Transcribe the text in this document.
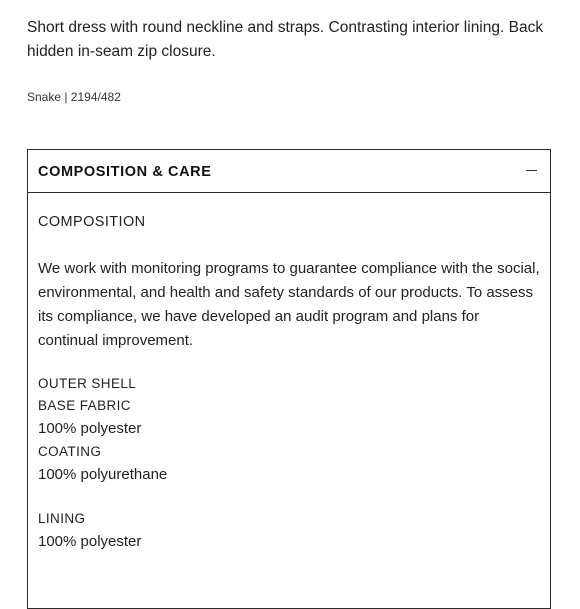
Short dress with round neckline and straps. Contrasting interior lining. Back hidden in-seam zip closure.

Snake | 2194/482

COMPOSITION & CARE
COMPOSITION

We work with monitoring programs to guarantee compliance with the social, environmental, and health and safety standards of our products. To assess its compliance, we have developed an audit program and plans for continual improvement.

OUTER SHELL

BASE FABRIC

100% polyester

COATING

100% polyurethane

LINING

100% polyester
